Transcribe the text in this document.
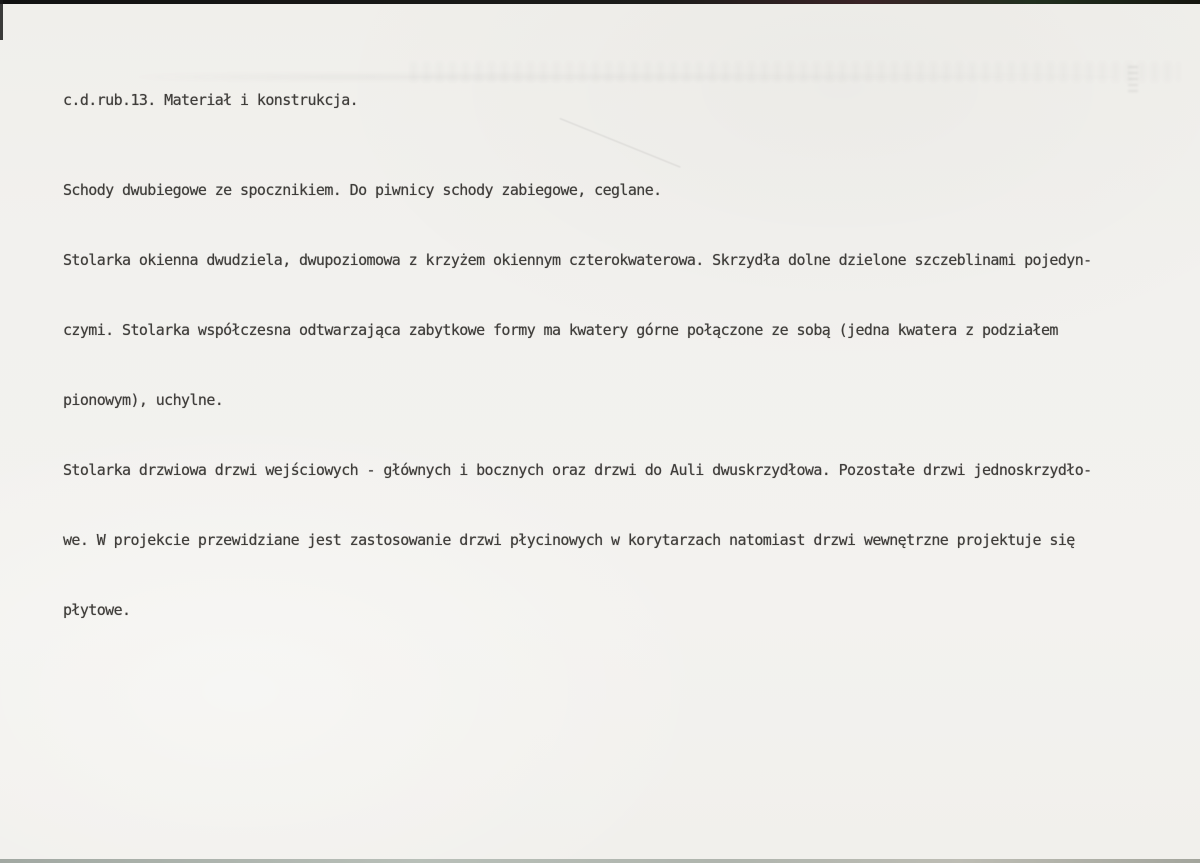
c.d.rub.13. Materiał i konstrukcja.

Schody dwubiegowe ze spocznikiem. Do piwnicy schody zabiegowe, ceglane.

Stolarka okienna dwudziela, dwupoziomowa z krzyżem okiennym czterokwaterowa. Skrzydła dolne dzielone szczeblinami pojedyn-

czymi. Stolarka współczesna odtwarzająca zabytkowe formy ma kwatery górne połączone ze sobą (jedna kwatera z podziałem

pionowym), uchylne.

Stolarka drzwiowa drzwi wejściowych - głównych i bocznych oraz drzwi do Auli dwuskrzydłowa. Pozostałe drzwi jednoskrzydło-

we. W projekcie przewidziane jest zastosowanie drzwi płycinowych w korytarzach natomiast drzwi wewnętrzne projektuje się

płytowe.
